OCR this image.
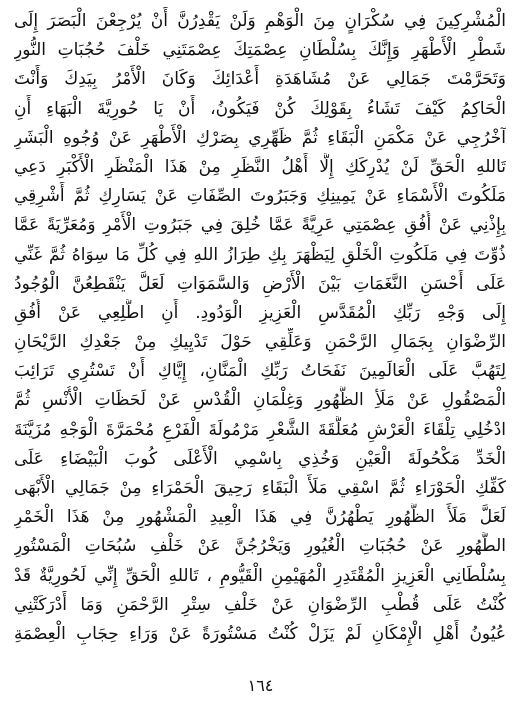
الْمُشْرِكِينَ فِي سُكْرَانٍ مِنَ الْوَهْمِ وَلَنْ يَقْدِرُنَّ أَنْ يُرْجِعْنَ الْبَصَرَ إِلَى
شَطْرِ الْأَطْهَرِ وَإِنَّكَ بِسُلْطَانِ عِصْمَتِكَ عِصْمَتَنِي خَلْفَ حُجُبَاتِ النُّورِ
وَتَحَرَّمْتَ جَمَالِي عَنْ مُشَاهَدَةِ أَعْدَائِكَ وَكَانَ الْأَمْرُ بِيَدِكَ وَأَنْتَ
الْحَاكِمُ كَيْفَ تَشَاءُ بِقَوْلِكَ كُنْ فَيَكُونُ، أَنْ يَا حُورِيَّةَ الْبَهَاءِ أَنِ
آخْرُجِي عَنْ مَكْمَنِ الْبَقَاءِ ثُمَّ ظَهِّرِي بِصَرْكِ الْأَطْهَرِ عَنْ وُجُوهِ الْبَشَرِ
تَاللهِ الْحَقِّ لَنْ يُدْرِكَكِ إِلَّا أَهْلُ النَّظَرِ مِنْ هَذَا الْمَنْظَرِ الْأَكْبَرِ دَعِي
مَلَكُوتَ الْأَسْمَاءِ عَنْ يَمِينِكِ وَجَبَرُوتَ الصِّفَاتِ عَنْ يَسَارِكِ ثُمَّ أَشْرِقِي
بِإِذْنِي عَنْ أُفُقِ عِصْمَتِي عَرِيَّةً عَمَّا خُلِقَ فِي جَبَرُوتِ الْأَمْرِ وَمُعَرِّيَةً عَمَّا
ذُوِّتَ فِي مَلَكُوتِ الْخَلْقِ لِيَظْهَرَ بِكِ طِرَازُ اللهِ فِي كُلِّ مَا سِوَاهُ ثُمَّ غَنِّي
عَلَى أَحْسَنِ النَّغَمَاتِ بَيْنَ الْأَرْضِ وَالسَّمَوَاتِ لَعَلَّ يَنْقَطِعُنَّ الْوُجُودُ
إِلَى وَجْهِ رَبِّكِ الْمُقَدَّسِ الْعَزِيزِ الْوَدُودِ. أَنِ اطَّلِعِي عَنْ أُفُقِ
الرِّضْوَانِ بِجَمَالِ الرَّحْمَنِ وَعَلِّقِي حَوْلَ تَدْيِيكِ مِنْ جَعْدِكِ الرَّيْحَانِ
لِتَهُبَّ عَلَى الْعَالَمِينَ نَفَحَاتُ رَبِّكِ الْمَنَّانِ، إِيَّاكِ أَنْ تَسْتُرِي تَرَائِبَ
الْمَصْقُولِ عَنْ مَلَأِ الظُّهُورِ وَغِلْمَانِ الْقُدْسِ عَنْ لَحَظَاتِ الْأُنْسِ ثُمَّ
ادْخُلِي تِلْقَاءَ الْعَرْشِ مُعَلَّقَةَ الشَّعْرِ مَرْمُولَةَ الْفَرْعِ مُحْمَرَّةَ الْوَجْهِ مُزَيَّنَةَ
الْخَدِّ مَكْحُولَةَ الْعَيْنِ وَخُذِي بِاسْمِي الْأَعْلَى كُوبَ الْبَيْضَاءِ عَلَى
كَفِّكِ الْحَوْرَاءِ ثُمَّ اسْقِي مَلَأَ الْبَقَاءِ رَحِيقَ الْحَمْرَاءِ مِنْ جَمَالِي الْأَبْهَى
لَعَلَّ مَلَأَ الظُّهُورِ يَطْهُرُنَّ فِي هَذَا الْعِيدِ الْمَشْهُورِ مِنْ هَذَا الْخَمْرِ
الطَّهُورِ عَنْ حُجُبَاتِ الْغُيُورِ وَيَخْرُجُنَّ عَنْ خَلْفِ سُبُحَاتِ الْمَسْتُورِ
بِسُلْطَانِي الْعَزِيزِ الْمُقْتَدِرِ الْمُهَيْمِنِ الْقَيُّومِ ، تَاللهِ الْحَقِّ إِنِّي لَحُورِيَّةٌ قَدْ
كُنْتُ عَلَى قُطْبِ الرِّضْوَانِ عَنْ خَلْفِ سِتْرِ الرَّحْمَنِ وَمَا أَدْرَكَتْنِي
عُيُونُ أَهْلِ الْإِمْكَانِ لَمْ يَزَلْ كُنْتُ مَسْتُورَةً عَنْ وَرَاءِ حِجَابِ الْعِصْمَةِ
١٦٤
